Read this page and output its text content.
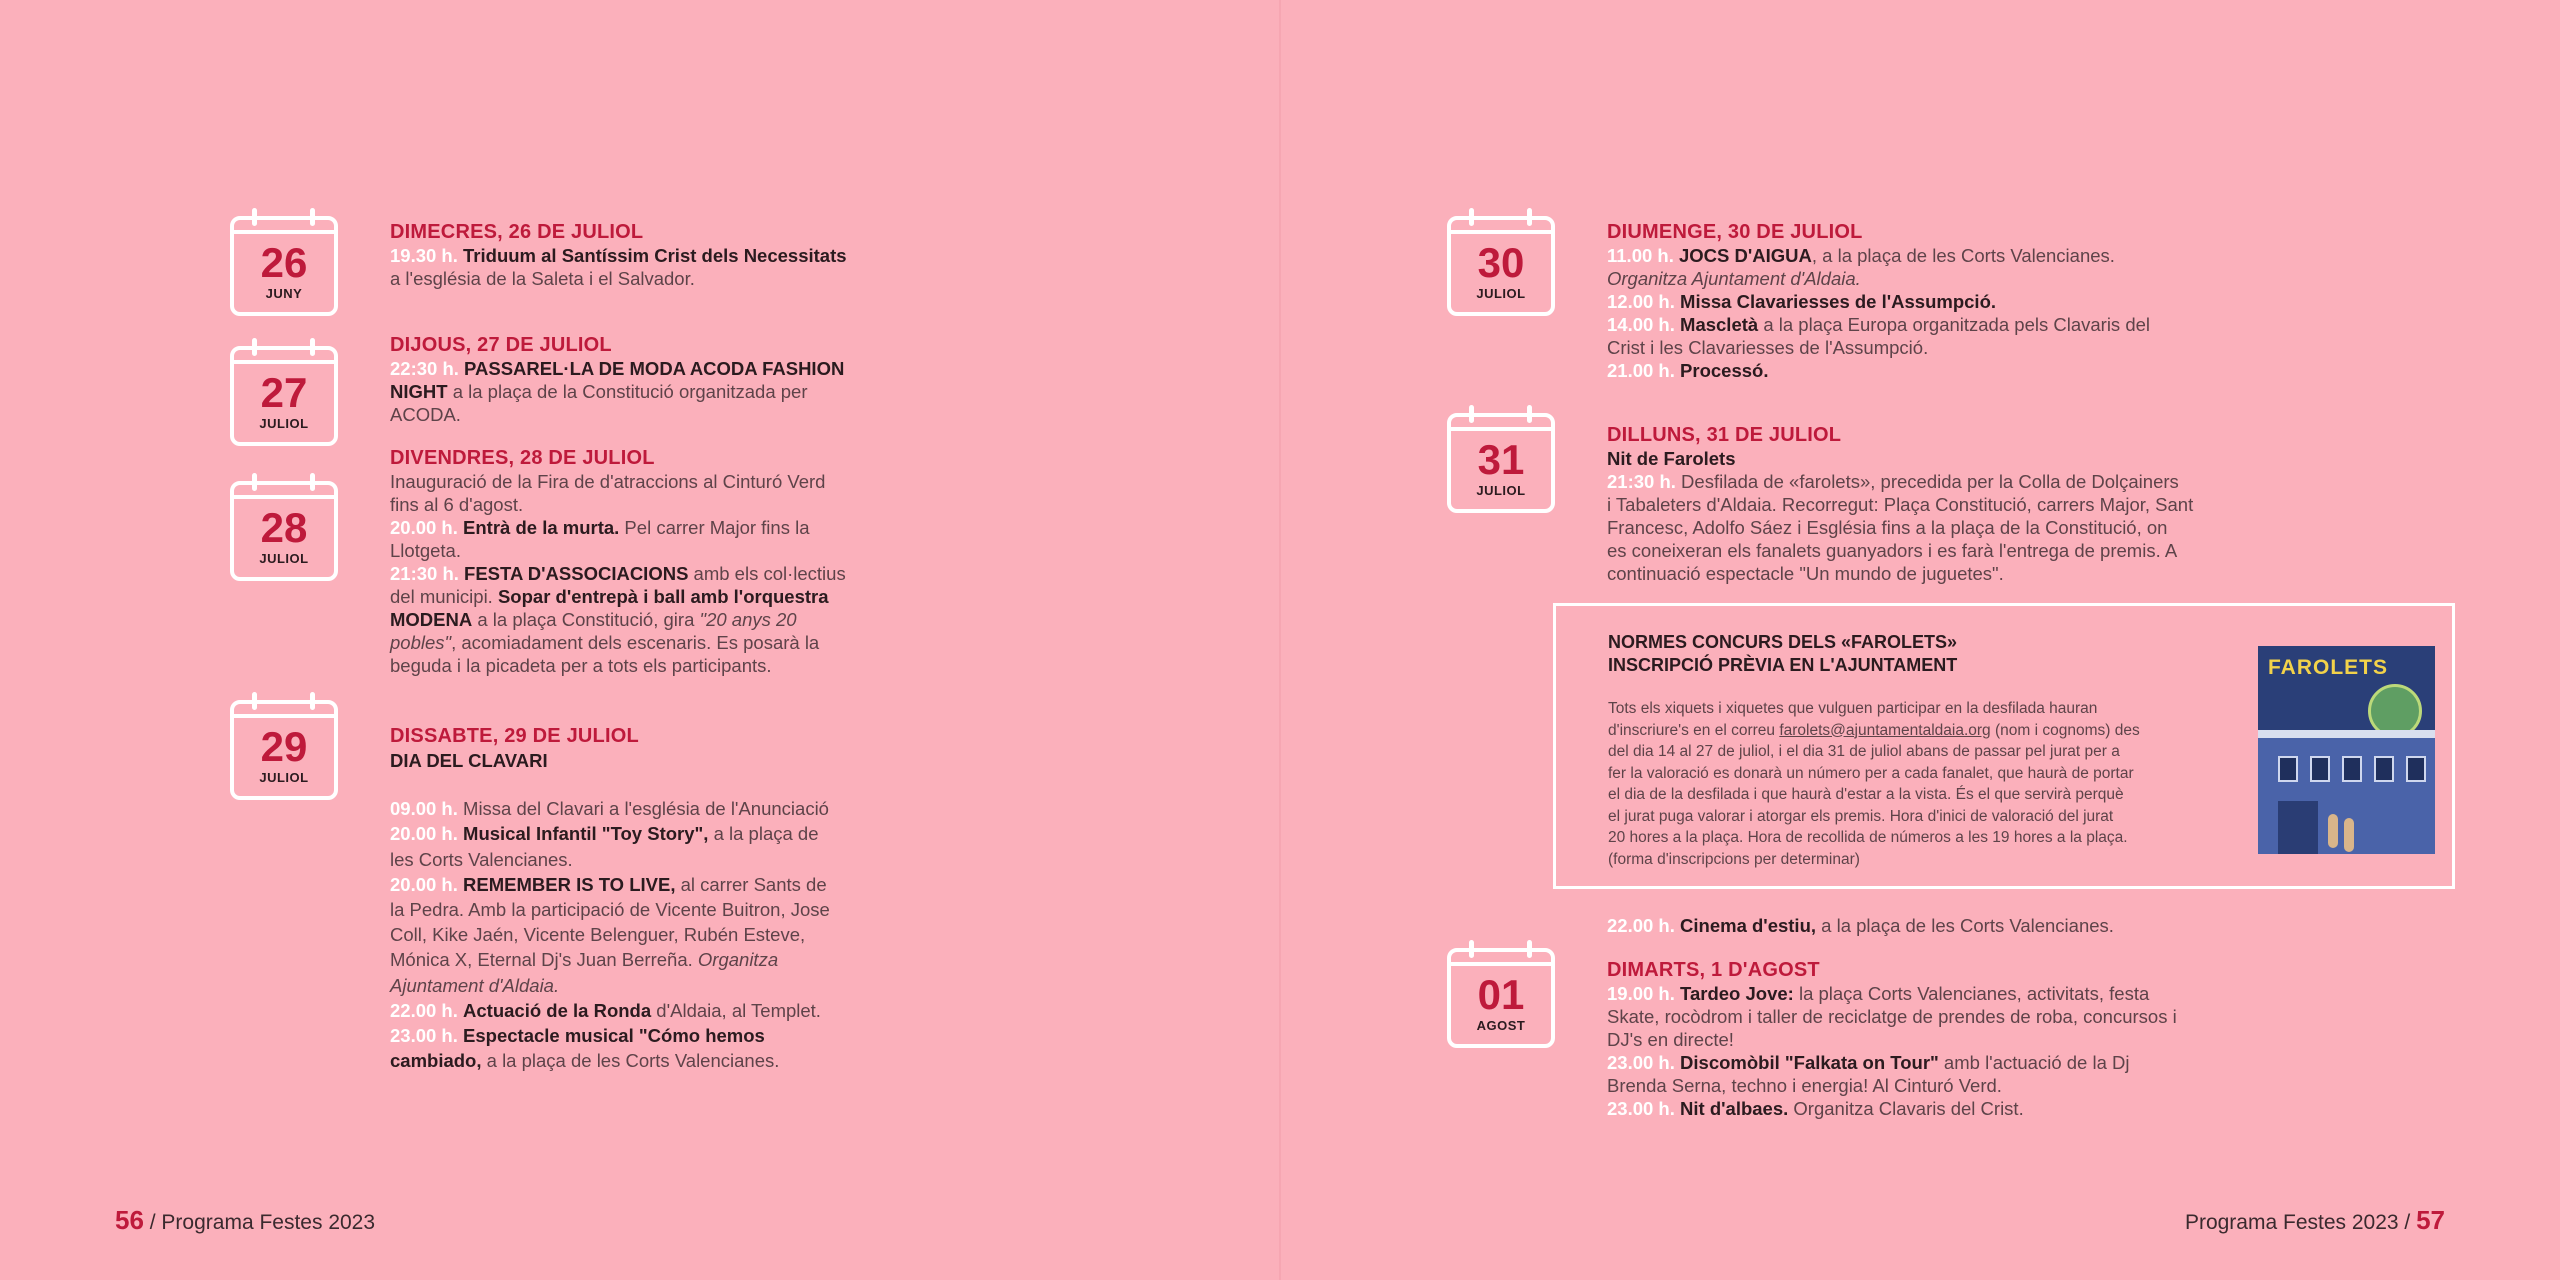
26
JUNY
DIMECRES, 26 DE JULIOL
19.30 h. Triduum al Santíssim Crist dels Necessitats
a l'església de la Saleta i el Salvador.
27
JULIOL
DIJOUS, 27 DE JULIOL
22:30 h. PASSAREL·LA DE MODA ACODA FASHION
NIGHT a la plaça de la Constitució organitzada per
ACODA.
28
JULIOL
DIVENDRES, 28 DE JULIOL
Inauguració de la Fira de d'atraccions al Cinturó Verd
fins al 6 d'agost.
20.00 h. Entrà de la murta. Pel carrer Major fins la
Llotgeta.
21:30 h. FESTA D'ASSOCIACIONS amb els col·lectius
del municipi. Sopar d'entrepà i ball amb l'orquestra
MODENA a la plaça Constitució, gira "20 anys 20
pobles", acomiadament dels escenaris. Es posarà la
beguda i la picadeta per a tots els participants.
29
JULIOL
DISSABTE, 29 DE JULIOL
DIA DEL CLAVARI
09.00 h. Missa del Clavari a l'església de l'Anunciació
20.00 h. Musical Infantil "Toy Story", a la plaça de
les Corts Valencianes.
20.00 h. REMEMBER IS TO LIVE, al carrer Sants de
la Pedra. Amb la participació de Vicente Buitron, Jose
Coll, Kike Jaén, Vicente Belenguer, Rubén Esteve,
Mónica X, Eternal Dj's Juan Berreña. Organitza
Ajuntament d'Aldaia.
22.00 h. Actuació de la Ronda d'Aldaia, al Templet.
23.00 h. Espectacle musical "Cómo hemos
cambiado, a la plaça de les Corts Valencianes.
56 / Programa Festes 2023
30
JULIOL
DIUMENGE, 30 DE JULIOL
11.00 h. JOCS D'AIGUA, a la plaça de les Corts Valencianes.
Organitza Ajuntament d'Aldaia.
12.00 h. Missa Clavariesses de l'Assumpció.
14.00 h. Mascletà a la plaça Europa organitzada pels Clavaris del
Crist i les Clavariesses de l'Assumpció.
21.00 h. Processó.
31
JULIOL
DILLUNS, 31 DE JULIOL
Nit de Farolets
21:30 h. Desfilada de «farolets», precedida per la Colla de Dolçainers
i Tabaleters d'Aldaia. Recorregut: Plaça Constitució, carrers Major, Sant
Francesc, Adolfo Sáez i Església fins a la plaça de la Constitució, on
es coneixeran els fanalets guanyadors i es farà l'entrega de premis. A
continuació espectacle "Un mundo de juguetes".
NORMES CONCURS DELS «FAROLETS»
INSCRIPCIÓ PRÈVIA EN L'AJUNTAMENT
Tots els xiquets i xiquetes que vulguen participar en la desfilada hauran
d'inscriure's en el correu farolets@ajuntamentaldaia.org (nom i cognoms) des
del dia 14 al 27 de juliol, i el dia 31 de juliol abans de passar pel jurat per a
fer la valoració es donarà un número per a cada fanalet, que haurà de portar
el dia de la desfilada i que haurà d'estar a la vista. És el que servirà perquè
el jurat puga valorar i atorgar els premis. Hora d'inici de valoració del jurat
20 hores a la plaça. Hora de recollida de números a les 19 hores a la plaça.
(forma d'inscripcions per determinar)
FAROLETS
22.00 h. Cinema d'estiu, a la plaça de les Corts Valencianes.
01
AGOST
DIMARTS, 1 D'AGOST
19.00 h. Tardeo Jove: la plaça Corts Valencianes, activitats, festa
Skate, rocòdrom i taller de reciclatge de prendes de roba, concursos i
DJ's en directe!
23.00 h. Discomòbil "Falkata on Tour" amb l'actuació de la Dj
Brenda Serna, techno i energia! Al Cinturó Verd.
23.00 h. Nit d'albaes. Organitza Clavaris del Crist.
Programa Festes 2023 / 57
